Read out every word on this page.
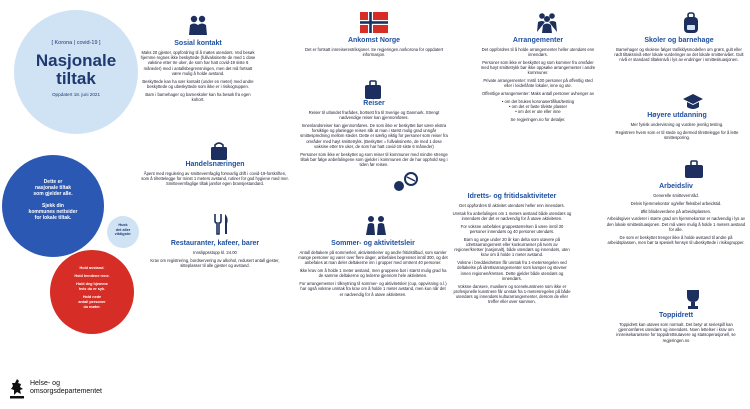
[ Korona | covid-19 ]
Nasjonale
tiltak
Oppdatert 18. juni 2021
Dette er
nasjonale tiltak
som gjelder alle.
Sjekk din
kommunes nettsider
for lokale tiltak.
Husk
det aller
viktigste:
Hold avstand.
Hold hendene rene.
Hold deg hjemme
hvis du er syk.
Hold nede
antall personer
du møter.
Sosial kontakt

Maks 20 gjester, oppfordring til å møtes utendørs. Ved besøk hjemme regnes ikke beskyttede (fullvaksinerte de med 1 dose vaksine etter tre uker, de som har hatt covid-19 siste 6 måneder) med i antallsbegrensningen, men det må fortsatt være mulig å holde avstand.

Beskyttede kan ha nær kontakt (under en meter) med andre beskyttede og ubeskyttede som ikke er i risikogruppen.

Barn i barnehager og barneskoler kan ha besøk fra egen kohort.

Ankomst Norge

Det er fortsatt innreiserestriksjoner. Se regjeringen.no/korona for oppdatert informasjon.

Arrangementer

Det oppfordres til å holde arrangementer heller utendørs enn innendørs.

Personer som ikke er beskyttet og som kommer fra områder med høyt smittetrykk bør ikke oppsøke arrangementer i andre kommuner.

Private arrangementer: Inntil 100 personer på offentlig sted eller i leide/lånte lokaler, inne og ute.

Offentlige arrangementer: Maks antall personer avhenger av

• om det brukes koronasertifikat/testing
• om det er faste tilviste plasser

• om det er ute eller inne

Se regjeringen.no for detaljer.

Skoler og barnehage

Barnehager og skolene følger trafikklysmodellen om grønt, gult eller rødt tiltaksnivå etter lokale vurderinger av det lokale smittenivået. Gult nivå er standard tiltaksnivå i lys av endringer i smittesituasjonen.

Reiser

Reiser til utlandet frarådes, bortsett fra til Sverige og Danmark. Strengt nødvendige reiser kan gjennomføres.

Innenlandsreiser kan gjennomføres. De som ikke er beskyttet bør være ekstra forsiktige og planlegge reisen slik at man i størst mulig grad unngår smittespredning mellom steder. Dette er særlig viktig for personer som reiser fra områder med høyt smittetrykk. (Beskyttet = fullvaksinerte, de med 1 dose vaksine etter tre uker, de som har hatt covid-19 siste 6 måneder)

Personer som ikke er beskyttet og som reiser til kommuner med mindre strenge tiltak bør følge anbefalingene som gjelder i kommunen der de har opphold seg i tiden før reisen.

Høyere utdanning

Mer fysisk undervisning og vurdere jevnlig testing.

Registrere hvem som er til stede og dermed tilrettelegge for å lette smittesporing.

Handelsnæringen

Åpent med regulering av smittevernfaglig forsvarlig drift i covid-19-forskriften, som å tilrettelegge for minst 1 meters avstand, rutiner for god hygiene med mer. Smittevernfaglige tiltak jamfør egen bransjestandard.

Idretts- og fritidsaktiviteter

Det oppfordres til aktivitet utendørs heller enn innendørs.

Unntak fra anbefalingen om 1 meters avstand både utendørs og innendørs der det er nødvendig for å utøve aktiviteten.

For voksne anbefales gruppestørrelsen å være inntil 30 personer innendørs og 40 personer utendørs.

Barn og unge under 20 år kan delta som utøvere på idrettsarrangement eller konkurranser på tvers av regioner/kretser (nasjonalt), både utendørs og innendørs, uten krav om å holde 1 meter avstand.

Voksne i breddeidretten får unntak fra 1-metersregelen ved deltakelse på idrettsarrangementer som kamper og stevner innen regionen/kretsen. Dette gjelder både utendørs og innendørs.

Voksne dansere, musikere og scenekunstnere som ikke er profesjonelle kunstnere får unntak fra 1-metersregelen på både utendørs og innendørs kulturarrangementer, dersom de eller treffer eller øver sammen.

Arbeidsliv

Generelle smittevernråd.

Delvis hjemmekontor og/eller fleksibel arbeidstid.

Økt bliodeverdene på arbeidsplassen.

Arbeidsgiver vurderer i større grad om hjemmekontor er nødvendig i lys av den lokale smittesituasjonen. Det må være mulig å holde 1 meters avstand for alle.

De som er beskyttet trenger ikke å holde avstand til andre på arbeidsplassen, men bør ta spesielt hensyn til ubeskyttede i risikogrupper.

Restauranter, kafeer, barer

Innslippsstopp kl. 24.00

Krav om registrering, bordservering av alkohol, redusert antall gjester, sitteplasser til alle gjester og avstand.

Sommer- og aktivitetsleir

Antall deltakere på sommerleir, aktivitetsleirer og andre fritidstilbud, som samler mange personer og varer over flere dager, anbefales begrenset inntil 300, og det anbefales at man deler deltakerne inn i grupper med omtrent 40 personer.

Ikke krav om å holde 1 meter avstand, men gruppene bør i størst mulig grad ha de samme deltakerne og lederne gjennom hele aktiviteten.

For arrangementer i tilknytning til sommer- og aktivitetsleir (cup, oppvisning o.l.) har også voksne unntak fra krav om å holde 1 meter avstand, men kun når det er nødvendig for å utøve aktiviteten.

Toppidrett

Toppidrett kan utøves som normalt. Det betyr at seriespill kan gjennomføres utendørs og innendørs. Noen lettelser i krav om innreisekarantene for toppidrettsutøvere og statsoperasjonell, se regjeringen.no

Helse- og
omsorgsdepartementet
